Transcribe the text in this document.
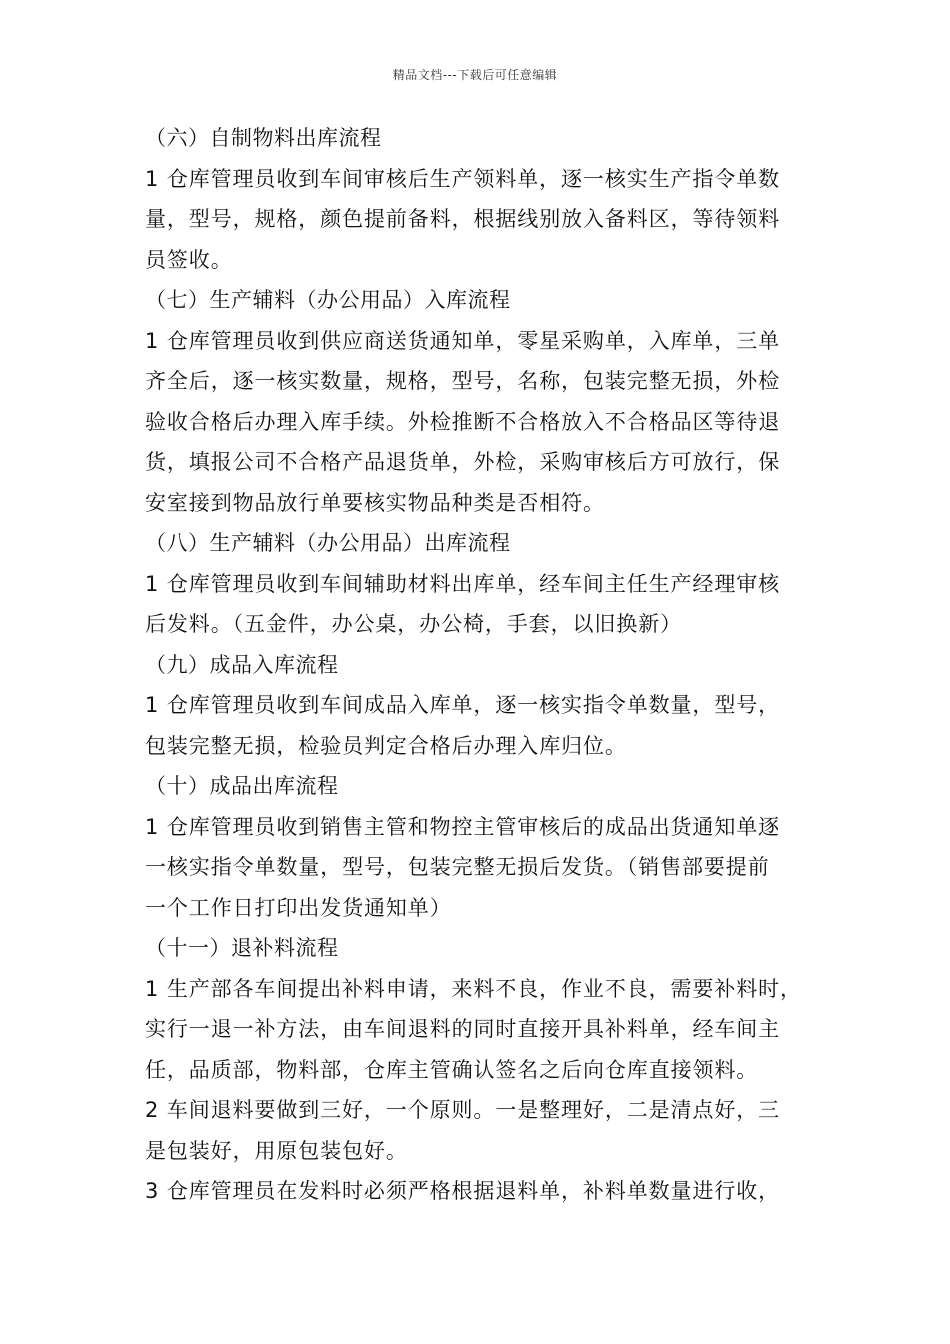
精品文档---下载后可任意编辑
（六）自制物料出库流程
1 仓库管理员收到车间审核后生产领料单，逐一核实生产指令单数
量，型号，规格，颜色提前备料，根据线别放入备料区，等待领料
员签收。
（七）生产辅料（办公用品）入库流程
1 仓库管理员收到供应商送货通知单，零星采购单，入库单，三单
齐全后，逐一核实数量，规格，型号，名称，包装完整无损，外检
验收合格后办理入库手续。外检推断不合格放入不合格品区等待退
货，填报公司不合格产品退货单，外检，采购审核后方可放行，保
安室接到物品放行单要核实物品种类是否相符。
（八）生产辅料（办公用品）出库流程
1 仓库管理员收到车间辅助材料出库单，经车间主任生产经理审核
后发料。（五金件，办公桌，办公椅，手套，以旧换新）
（九）成品入库流程
1 仓库管理员收到车间成品入库单，逐一核实指令单数量，型号，
包装完整无损，检验员判定合格后办理入库归位。
（十）成品出库流程
1 仓库管理员收到销售主管和物控主管审核后的成品出货通知单逐
一核实指令单数量，型号，包装完整无损后发货。（销售部要提前
一个工作日打印出发货通知单）
（十一）退补料流程
1 生产部各车间提出补料申请，来料不良，作业不良，需要补料时，
实行一退一补方法，由车间退料的同时直接开具补料单，经车间主
任，品质部，物料部，仓库主管确认签名之后向仓库直接领料。
2 车间退料要做到三好，一个原则。一是整理好，二是清点好，三
是包装好，用原包装包好。
3 仓库管理员在发料时必须严格根据退料单，补料单数量进行收，
